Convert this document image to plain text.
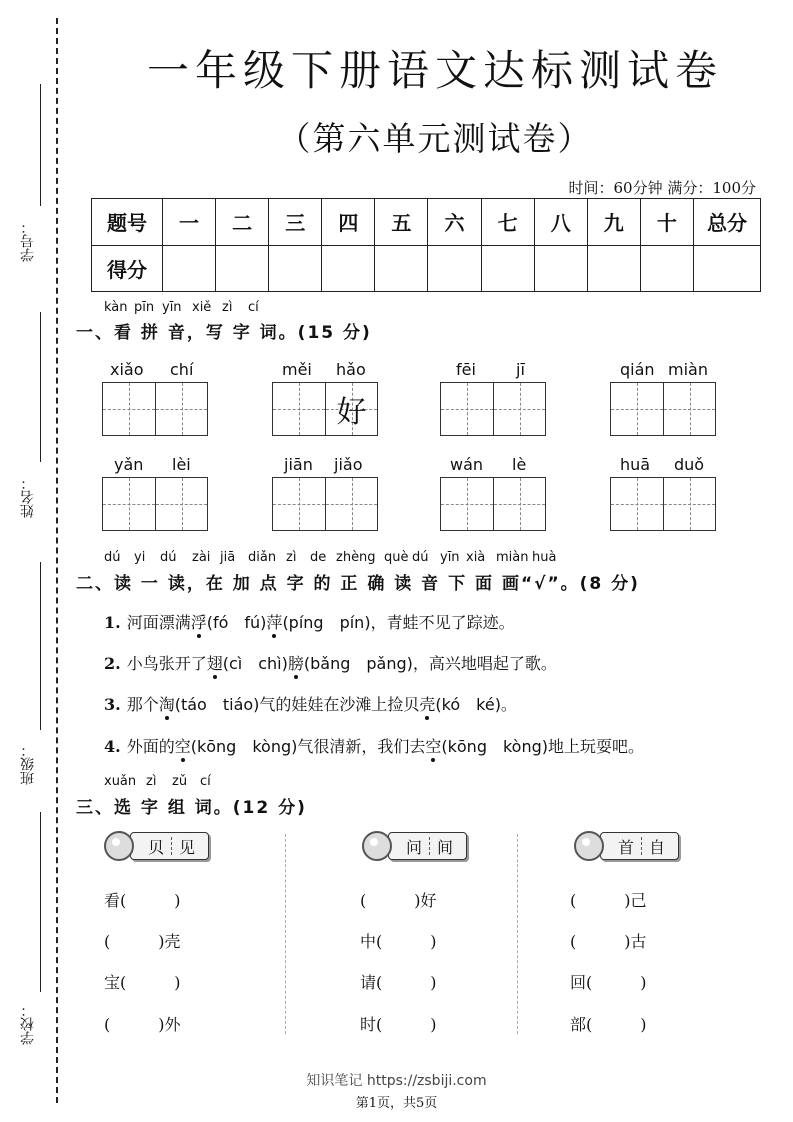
学号：
姓名：
班级：
学校：
一年级下册语文达标测试卷
（第六单元测试卷）
时间：60分钟 满分：100分
题号	一	二	三	四	五	六	七	八	九	十	总分
得分											
kàn pīn yīn xiě zì cí
一、看 拼 音，写 字 词。(15 分)
xiǎo chí	měi hǎo
好
fēi	jī	qián miàn
yǎn lèi	jiān jiǎo	wán lè	huā duǒ
dú yi dú zài jiā diǎn zì de zhèng què dú yīn xià miàn huà
二、读 一 读，在 加 点 字 的 正 确 读 音 下 面 画“√”。(8 分)
1. 河面漂满浮(fó　fú)萍(píng　pín)，青蛙不见了踪迹。
2. 小鸟张开了翅(cì　chì)膀(bǎng　pǎng)，高兴地唱起了歌。
3. 那个淘(táo　tiáo)气的娃娃在沙滩上捡贝壳(kó　ké)。
4. 外面的空(kōng　kòng)气很清新，我们去空(kōng　kòng)地上玩耍吧。
xuǎn zì zǔ cí
三、选 字 组 词。(12 分)
贝 见
看(　　　)
(　　　)壳
宝(　　　)
(　　　)外
问 间
(　　　)好
中(　　　)
请(　　　)
时(　　　)
首 自
(　　　)己
(　　　)古
回(　　　)
部(　　　)
知识笔记 https://zsbiji.com
第1页，共5页
